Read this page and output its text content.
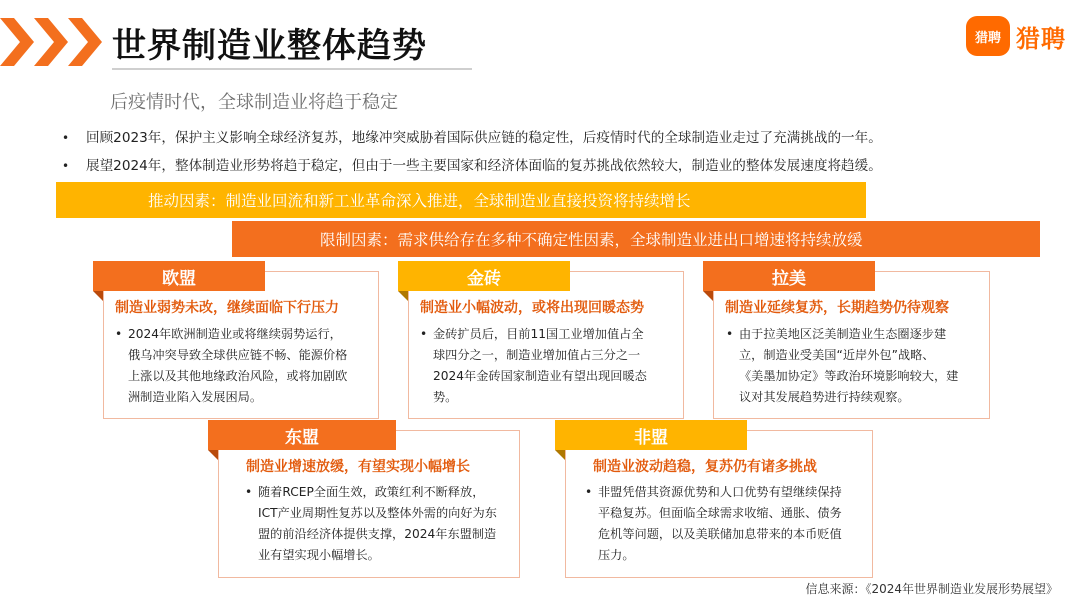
世界制造业整体趋势	猎聘 猎聘
后疫情时代，全球制造业将趋于稳定
• 回顾2023年，保护主义影响全球经济复苏，地缘冲突威胁着国际供应链的稳定性，后疫情时代的全球制造业走过了充满挑战的一年。
• 展望2024年，整体制造业形势将趋于稳定，但由于一些主要国家和经济体面临的复苏挑战依然较大，制造业的整体发展速度将趋缓。
推动因素：制造业回流和新工业革命深入推进，全球制造业直接投资将持续增长
限制因素：需求供给存在多种不确定性因素，全球制造业进出口增速将持续放缓
欧盟
制造业弱势未改，继续面临下行压力
• 2024年欧洲制造业或将继续弱势运行，
俄乌冲突导致全球供应链不畅、能源价格
上涨以及其他地缘政治风险，或将加剧欧
洲制造业陷入发展困局。
金砖
制造业小幅波动，或将出现回暖态势
• 金砖扩员后，目前11国工业增加值占全
球四分之一，制造业增加值占三分之一
2024年金砖国家制造业有望出现回暖态
势。
拉美
制造业延续复苏，长期趋势仍待观察
• 由于拉美地区泛美制造业生态圈逐步建
立，制造业受美国“近岸外包”战略、
《美墨加协定》等政治环境影响较大，建
议对其发展趋势进行持续观察。
东盟
制造业增速放缓，有望实现小幅增长
• 随着RCEP全面生效，政策红利不断释放，
ICT产业周期性复苏以及整体外需的向好为东
盟的前沿经济体提供支撑，2024年东盟制造
业有望实现小幅增长。
非盟
制造业波动趋稳，复苏仍有诸多挑战
• 非盟凭借其资源优势和人口优势有望继续保持
平稳复苏。但面临全球需求收缩、通胀、债务
危机等问题，以及美联储加息带来的本币贬值
压力。
信息来源：《2024年世界制造业发展形势展望》
